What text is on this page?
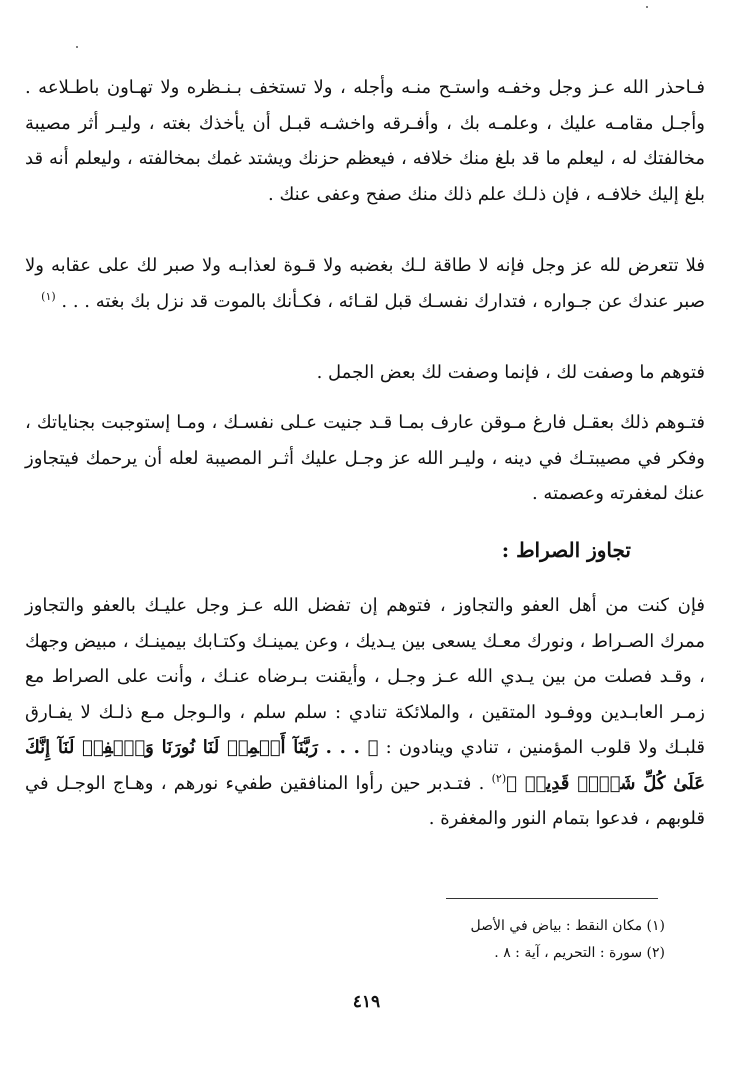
فـاحذر الله عـز وجل وخفـه واستـح منـه وأجله ، ولا تستخف بـنـظره ولا تهـاون باطـلاعه . وأجـل مقامـه عليك ، وعلمـه بك ، وأفـرقه واخشـه قبـل أن يأخذك بغته ، وليـر أثر مصيبة مخالفتك له ، ليعلم ما قد بلغ منك خلافه ، فيعظم حزنك ويشتد غمك بمخالفته ، وليعلم أنه قد بلغ إليك خلافـه ، فإن ذلـك علم ذلك منك صفح وعفى عنك .
فلا تتعرض لله عز وجل فإنه لا طاقة لـك بغضبه ولا قـوة لعذابـه ولا صبر لك على عقابه ولا صبر عندك عن جـواره ، فتدارك نفسـك قبل لقـائه ، فكـأنك بالموت قد نزل بك بغته . . . $^{(١)}$
فتوهم ما وصفت لك ، فإنما وصفت لك بعض الجمل .
فتـوهم ذلك بعقـل فارغ مـوقن عارف بمـا قـد جنيت عـلى نفسـك ، ومـا إستوجبت بجناياتك ، وفكر في مصيبتـك في دينه ، وليـر الله عز وجـل عليك أثـر المصيبة لعله أن يرحمك فيتجاوز عنك لمغفرته وعصمته .
تجاوز الصراط :
فإن كنت من أهل العفو والتجاوز ، فتوهم إن تفضل الله عـز وجل عليـك بالعفو والتجاوز ممرك الصـراط ، ونورك معـك يسعى بين يـديك ، وعن يمينـك وكتـابك بيمينـك ، مبيض وجهك ، وقـد فصلت من بين يـدي الله عـز وجـل ، وأيقنت بـرضاه عنـك ، وأنت على الصراط مع زمـر العابـدين ووفـود المتقين ، والملائكة تنادي : سلم سلم ، والـوجل مـع ذلـك لا يفـارق قلبـك ولا قلوب المؤمنين ، تنادي وينادون : ﴿ . . . رَبَّنَآ أَتۡمِمۡ لَنَا نُورَنَا وَٱغۡفِرۡ لَنَآ إِنَّكَ عَلَىٰ كُلِّ شَيۡءٖ قَدِيرٞ ﴾$^{(٢)}$ . فتـدبر حين رأوا المنافقين طفيء نورهم ، وهـاج الوجـل في قلوبهم ، فدعوا بتمام النور والمغفرة .
(١) مكان النقط : بياض في الأصل
(٢) سورة : التحريم ، آية : ٨ .
٤١٩
